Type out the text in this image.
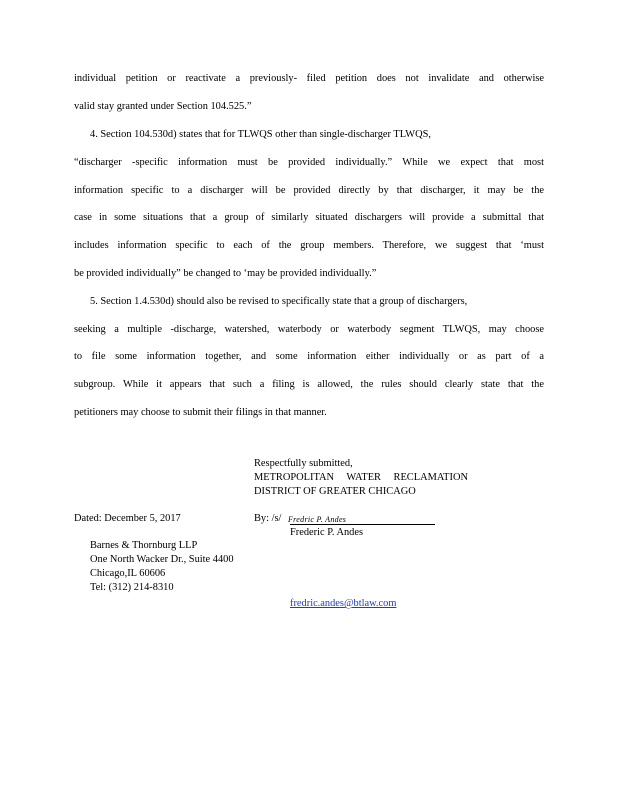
individual petition or reactivate a previously- filed petition does not invalidate and otherwise
valid stay granted under Section 104.525.”
4. Section 104.530d) states that for TLWQS other than single-discharger TLWQS,
“discharger -specific information must be provided individually.” While we expect that most
information specific to a discharger will be provided directly by that discharger, it may be the
case in some situations that a group of similarly situated dischargers will provide a submittal that
includes information specific to each of the group members. Therefore, we suggest that ‘must
be provided individually” be changed to ‘may be provided individually.”
5. Section 1.4.530d) should also be revised to specifically state that a group of dischargers,
seeking a multiple -discharge, watershed, waterbody or waterbody segment TLWQS, may choose
to file some information together, and some information either individually or as part of a
subgroup. While it appears that such a filing is allowed, the rules should clearly state that the
petitioners may choose to submit their filings in that manner.
Respectfully submitted,
METROPOLITAN WATER RECLAMATION
DISTRICT OF GREATER CHICAGO
Dated: December 5, 2017	By: /s/ Fredric P. Andes
Frederic P. Andes
Barnes & Thornburg LLP
One North Wacker Dr., Suite 4400
Chicago,IL 60606
Tel: (312) 214-8310
fredric.andes@btlaw.com
